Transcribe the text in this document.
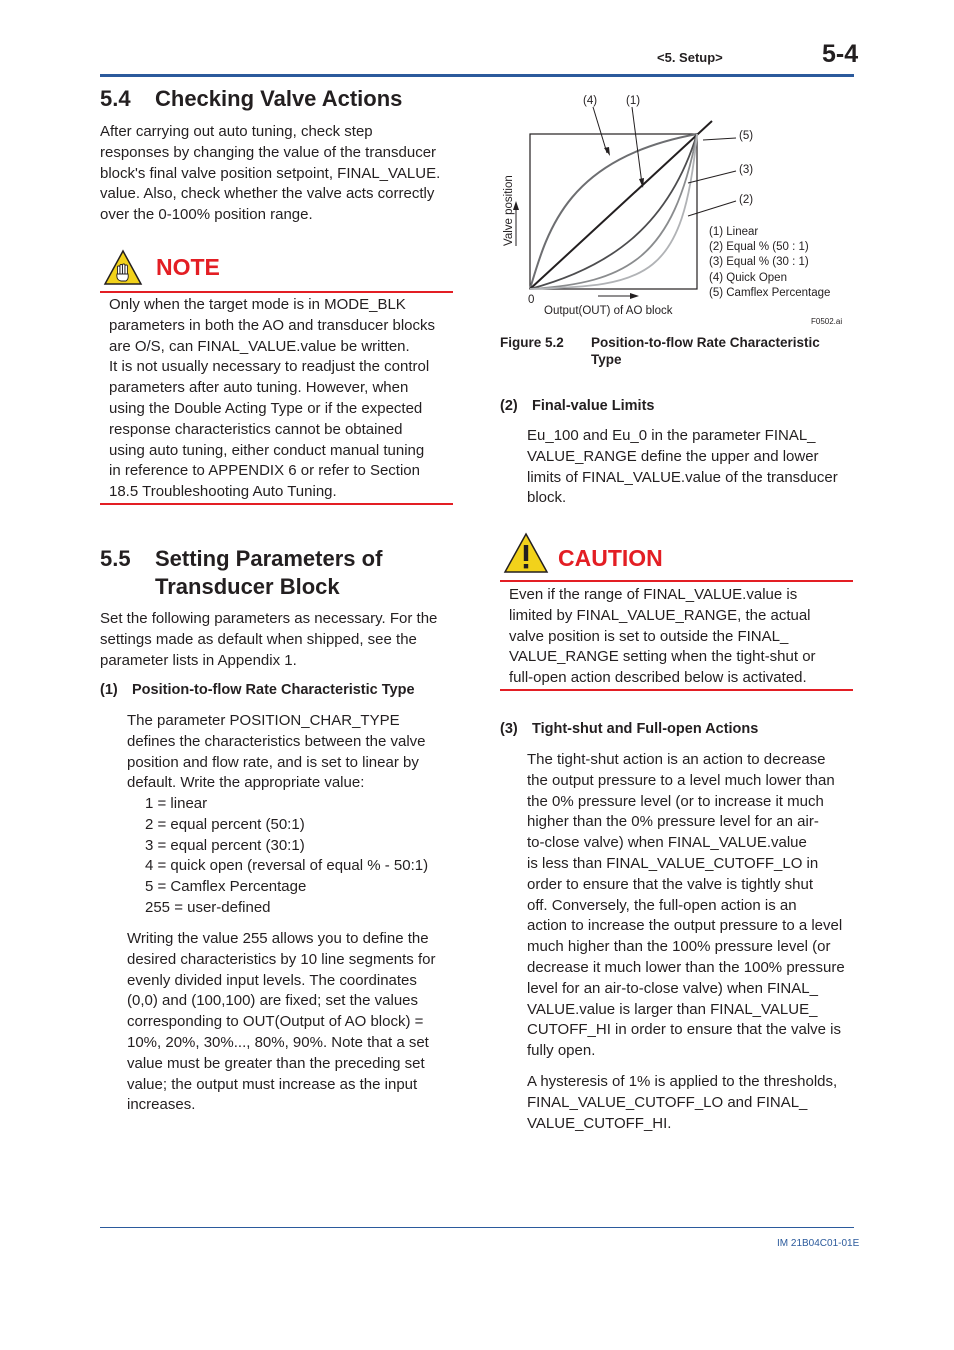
<5. Setup>	5-4
5.4 Checking Valve Actions

After carrying out auto tuning, check step

responses by changing the value of the transducer

block's final valve position setpoint, FINAL_VALUE.

value. Also, check whether the valve acts correctly

over the 0-100% position range.

NOTE

Only when the target mode is in MODE_BLK

parameters in both the AO and transducer blocks

are O/S, can FINAL_VALUE.value be written.

It is not usually necessary to readjust the control

parameters after auto tuning. However, when

using the Double Acting Type or if the expected

response characteristics cannot be obtained

using auto tuning, either conduct manual tuning

in reference to APPENDIX 6 or refer to Section

18.5 Troubleshooting Auto Tuning.

5.5 Setting Parameters of
Transducer Block

Set the following parameters as necessary. For the

settings made as default when shipped, see the

parameter lists in Appendix 1.

(1) Position-to-flow Rate Characteristic Type

The parameter POSITION_CHAR_TYPE

defines the characteristics between the valve

position and flow rate, and is set to linear by

default. Write the appropriate value:

1 = linear
2 = equal percent (50:1)
3 = equal percent (30:1)
4 = quick open (reversal of equal % - 50:1)
5 = Camflex Percentage
255 = user-defined

Writing the value 255 allows you to define the

desired characteristics by 10 line segments for

evenly divided input levels. The coordinates

(0,0) and (100,100) are fixed; set the values

corresponding to OUT(Output of AO block) =

10%, 20%, 30%..., 80%, 90%. Note that a set

value must be greater than the preceding set

value; the output must increase as the input

increases.

(4)	(1)
(5)
(3)
(2)
(1) Linear
(2) Equal % (50 : 1)
(3) Equal % (30 : 1)
(4) Quick Open
(5) Camflex Percentage
Valve position
0
Output(OUT) of AO block
F0502.ai
Figure 5.2 Position-to-flow Rate Characteristic
Type
(2) Final-value Limits

Eu_100 and Eu_0 in the parameter FINAL_

VALUE_RANGE define the upper and lower

limits of FINAL_VALUE.value of the transducer

block.

CAUTION

Even if the range of FINAL_VALUE.value is

limited by FINAL_VALUE_RANGE, the actual

valve position is set to outside the FINAL_

VALUE_RANGE setting when the tight-shut or

full-open action described below is activated.

(3) Tight-shut and Full-open Actions

The tight-shut action is an action to decrease

the output pressure to a level much lower than

the 0% pressure level (or to increase it much

higher than the 0% pressure level for an air-

to-close valve) when FINAL_VALUE.value

is less than FINAL_VALUE_CUTOFF_LO in

order to ensure that the valve is tightly shut

off. Conversely, the full-open action is an

action to increase the output pressure to a level

much higher than the 100% pressure level (or

decrease it much lower than the 100% pressure

level for an air-to-close valve) when FINAL_

VALUE.value is larger than FINAL_VALUE_

CUTOFF_HI in order to ensure that the valve is

fully open.

A hysteresis of 1% is applied to the thresholds,

FINAL_VALUE_CUTOFF_LO and FINAL_

VALUE_CUTOFF_HI.

IM 21B04C01-01E
